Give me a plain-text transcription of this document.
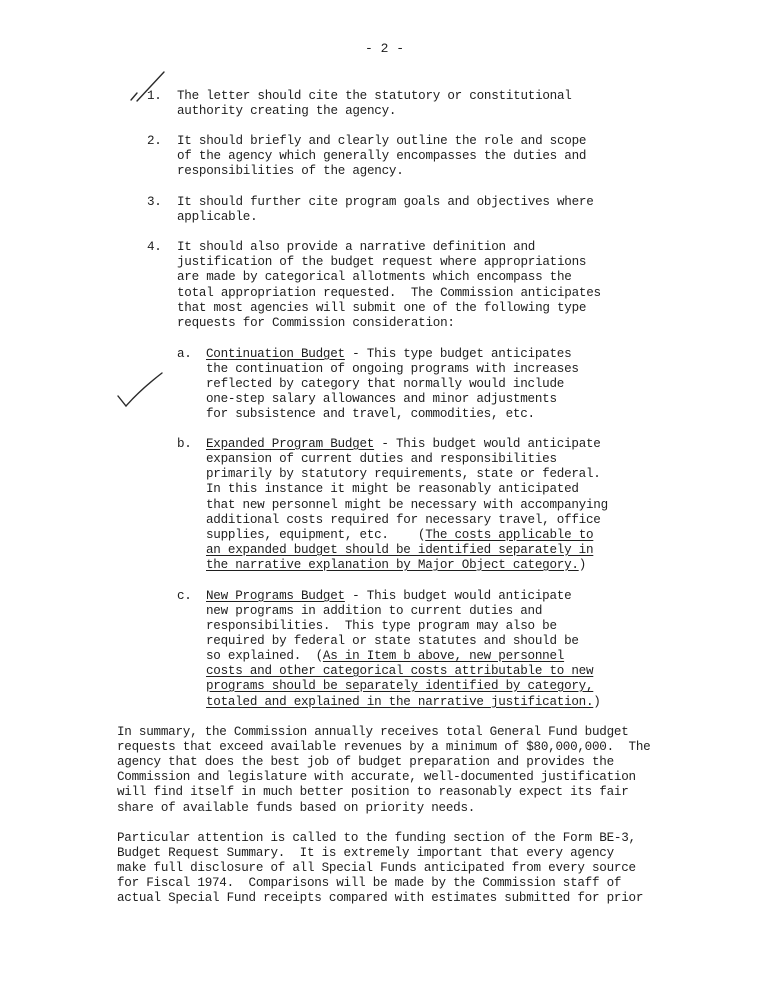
- 2 -
1. The letter should cite the statutory or constitutional
authority creating the agency.
2. It should briefly and clearly outline the role and scope
of the agency which generally encompasses the duties and
responsibilities of the agency.
3. It should further cite program goals and objectives where
applicable.
4. It should also provide a narrative definition and
justification of the budget request where appropriations
are made by categorical allotments which encompass the
total appropriation requested.  The Commission anticipates
that most agencies will submit one of the following type
requests for Commission consideration:
a. Continuation Budget - This type budget anticipates
the continuation of ongoing programs with increases
reflected by category that normally would include
one-step salary allowances and minor adjustments
for subsistence and travel, commodities, etc.
b. Expanded Program Budget - This budget would anticipate
expansion of current duties and responsibilities
primarily by statutory requirements, state or federal.
In this instance it might be reasonably anticipated
that new personnel might be necessary with accompanying
additional costs required for necessary travel, office
supplies, equipment, etc.    (The costs applicable to
an expanded budget should be identified separately in
the narrative explanation by Major Object category.)
c. New Programs Budget - This budget would anticipate
new programs in addition to current duties and
responsibilities.  This type program may also be
required by federal or state statutes and should be
so explained.  (As in Item b above, new personnel
costs and other categorical costs attributable to new
programs should be separately identified by category,
totaled and explained in the narrative justification.)
In summary, the Commission annually receives total General Fund budget
requests that exceed available revenues by a minimum of $80,000,000.  The
agency that does the best job of budget preparation and provides the
Commission and legislature with accurate, well-documented justification
will find itself in much better position to reasonably expect its fair
share of available funds based on priority needs.
Particular attention is called to the funding section of the Form BE-3,
Budget Request Summary.  It is extremely important that every agency
make full disclosure of all Special Funds anticipated from every source
for Fiscal 1974.  Comparisons will be made by the Commission staff of
actual Special Fund receipts compared with estimates submitted for prior
